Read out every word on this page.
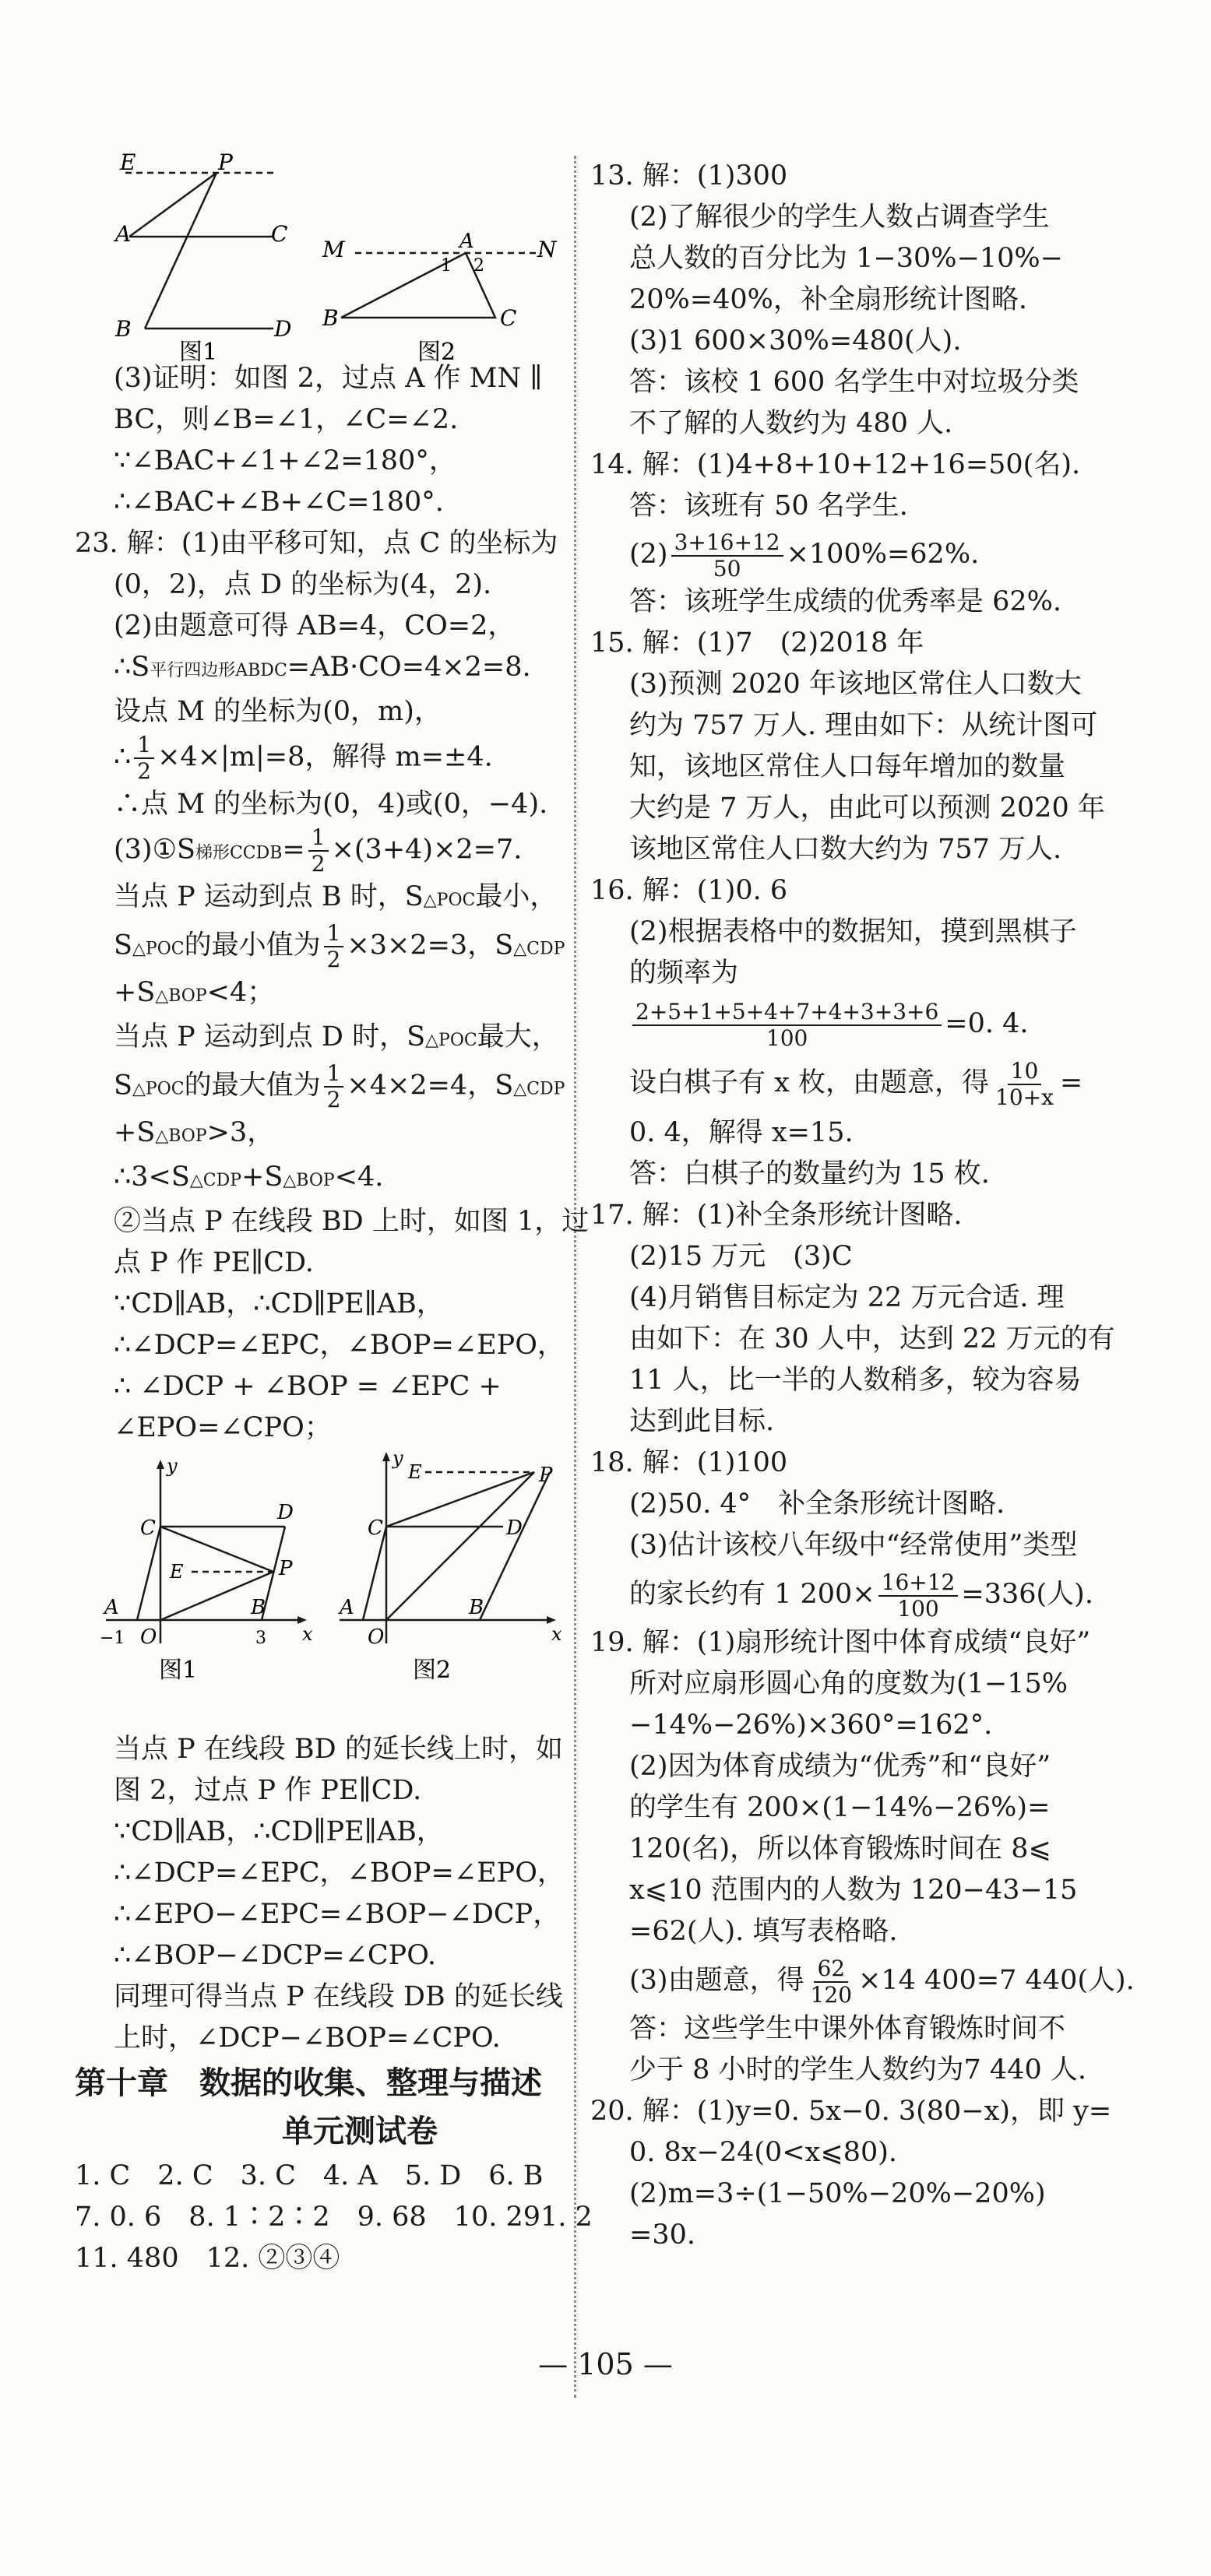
E	P
A	C
B	D
M	N
A
1 2
B	C
图1	图2
(3)证明：如图 2，过点 A 作 MN ∥
BC，则∠B=∠1，∠C=∠2.
∵∠BAC+∠1+∠2=180°，
∴∠BAC+∠B+∠C=180°.
23. 解：(1)由平移可知，点 C 的坐标为
(0，2)，点 D 的坐标为(4，2).
(2)由题意可得 AB=4，CO=2，
∴S平行四边形ABDC=AB·CO=4×2=8.
设点 M 的坐标为(0，m)，
∴ $\frac{1}{2} \times 4\times|m|=8$，解得 m=±4.
∴点 M 的坐标为(0，4)或(0，−4).
(3)①S梯形CCDB= $\frac{1}{2} \times(3+4)\times 2=7$.
当点 P 运动到点 B 时，S△POC最小，
S△POC的最小值为 $\frac{1}{2} \times 3\times 2=3$，S△CDP
+S△BOP<4；
当点 P 运动到点 D 时，S△POC最大，
S△POC的最大值为 $\frac{1}{2} \times 4\times 2=4$，S△CDP
+S△BOP>3，
∴3<S△CDP+S△BOP<4.
②当点 P 在线段 BD 上时，如图 1，过
点 P 作 PE∥CD.
∵CD∥AB，∴CD∥PE∥AB，
∴∠DCP=∠EPC，∠BOP=∠EPO，
∴ ∠DCP + ∠BOP = ∠EPC +
∠EPO=∠CPO；
y
x
C
D
E	P
A
O
B
−1	3
y
x
C	D
E	P
A
O
B
图1	图2
当点 P 在线段 BD 的延长线上时，如
图 2，过点 P 作 PE∥CD.
∵CD∥AB，∴CD∥PE∥AB，
∴∠DCP=∠EPC，∠BOP=∠EPO，
∴∠EPO−∠EPC=∠BOP−∠DCP，
∴∠BOP−∠DCP=∠CPO.
同理可得当点 P 在线段 DB 的延长线
上时，∠DCP−∠BOP=∠CPO.
第十章　数据的收集、整理与描述
单元测试卷
1. C　2. C　3. C　4. A　5. D　6. B
7. 0. 6　8. 1∶2∶2　9. 68　10. 291. 2
11. 480　12. ②③④
13. 解：(1)300
(2)了解很少的学生人数占调查学生
总人数的百分比为 1−30%−10%−
20%=40%，补全扇形统计图略.
(3)1 600×30%=480(人).
答：该校 1 600 名学生中对垃圾分类
不了解的人数约为 480 人.
14. 解：(1)4+8+10+12+16=50(名).
答：该班有 50 名学生.
$(2) \frac{3+16+12}{50} \times 100\%=62\%$.
答：该班学生成绩的优秀率是 62%.
15. 解：(1)7　(2)2018 年
(3)预测 2020 年该地区常住人口数大
约为 757 万人. 理由如下：从统计图可
知，该地区常住人口每年增加的数量
大约是 7 万人，由此可以预测 2020 年
该地区常住人口数大约为 757 万人.
16. 解：(1)0. 6
(2)根据表格中的数据知，摸到黑棋子
的频率为
$\frac{2+5+1+5+4+7+4+3+3+6}{100} =0$. 4.
设白棋子有 x 枚，由题意，得 $\frac{10}{10+x}$ =
0. 4，解得 x=15.
答：白棋子的数量约为 15 枚.
17. 解：(1)补全条形统计图略.
(2)15 万元　(3)C
(4)月销售目标定为 22 万元合适. 理
由如下：在 30 人中，达到 22 万元的有
11 人，比一半的人数稍多，较为容易
达到此目标.
18. 解：(1)100
(2)50. 4°　补全条形统计图略.
(3)估计该校八年级中“经常使用”类型
的家长约有 1 $200\times \frac{16+12}{100} =336$(人).
19. 解：(1)扇形统计图中体育成绩“良好”
所对应扇形圆心角的度数为(1−15%
−14%−26%)×360°=162°.
(2)因为体育成绩为“优秀”和“良好”
的学生有 200×(1−14%−26%)=
120(名)，所以体育锻炼时间在 8⩽
x⩽10 范围内的人数为 120−43−15
=62(人). 填写表格略.
(3)由题意，得 $\frac{62}{120} \times 14$ 400=7 440(人).
答：这些学生中课外体育锻炼时间不
少于 8 小时的学生人数约为7 440 人.
20. 解：(1)y=0. 5x−0. 3(80−x)，即 y=
0. 8x−24(0<x⩽80).
(2)m=3÷(1−50%−20%−20%)
=30.
— 105 —
